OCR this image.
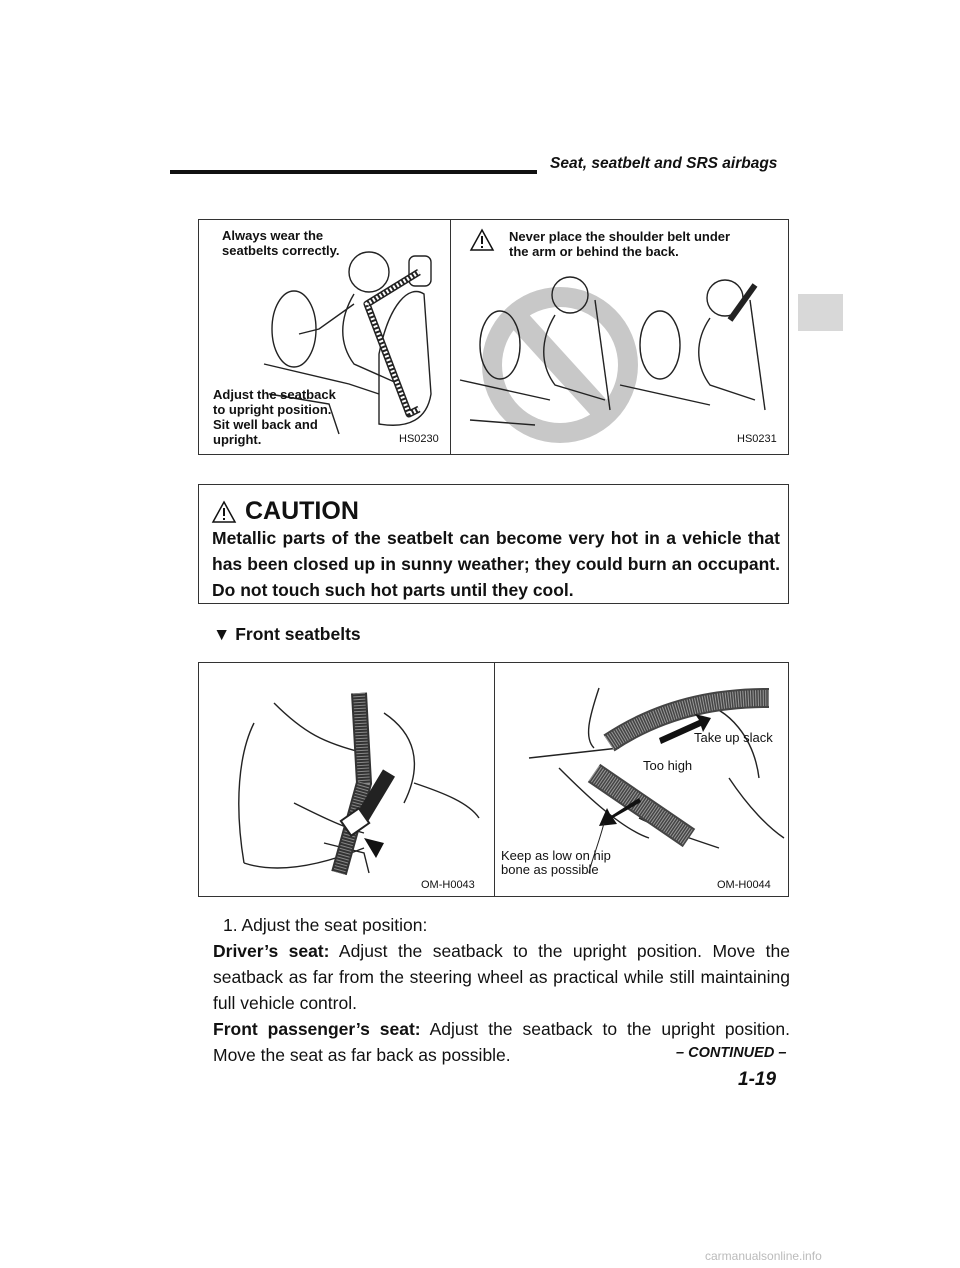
Seat, seatbelt and SRS airbags
Always wear the
seatbelts correctly.
Adjust the seatback
to upright position.
Sit well back and
upright.	HS0230
Never place the shoulder belt under
the arm or behind the back.
HS0231
CAUTION
Metallic parts of the seatbelt can become very hot in a vehicle that has been closed up in sunny weather; they could burn an occupant. Do not touch such hot parts until they cool.
▼ Front seatbelts
OM-H0043
Take up slack
Too high
Keep as low on hip
bone as possible
OM-H0044
1. Adjust the seat position:
Driver’s seat: Adjust the seatback to the upright position. Move the seatback as far from the steering wheel as practical while still maintaining full vehicle control.
Front passenger’s seat: Adjust the seatback to the upright position. Move the seat as far back as possible.	– CONTINUED –
1-19
carmanualsonline.info
